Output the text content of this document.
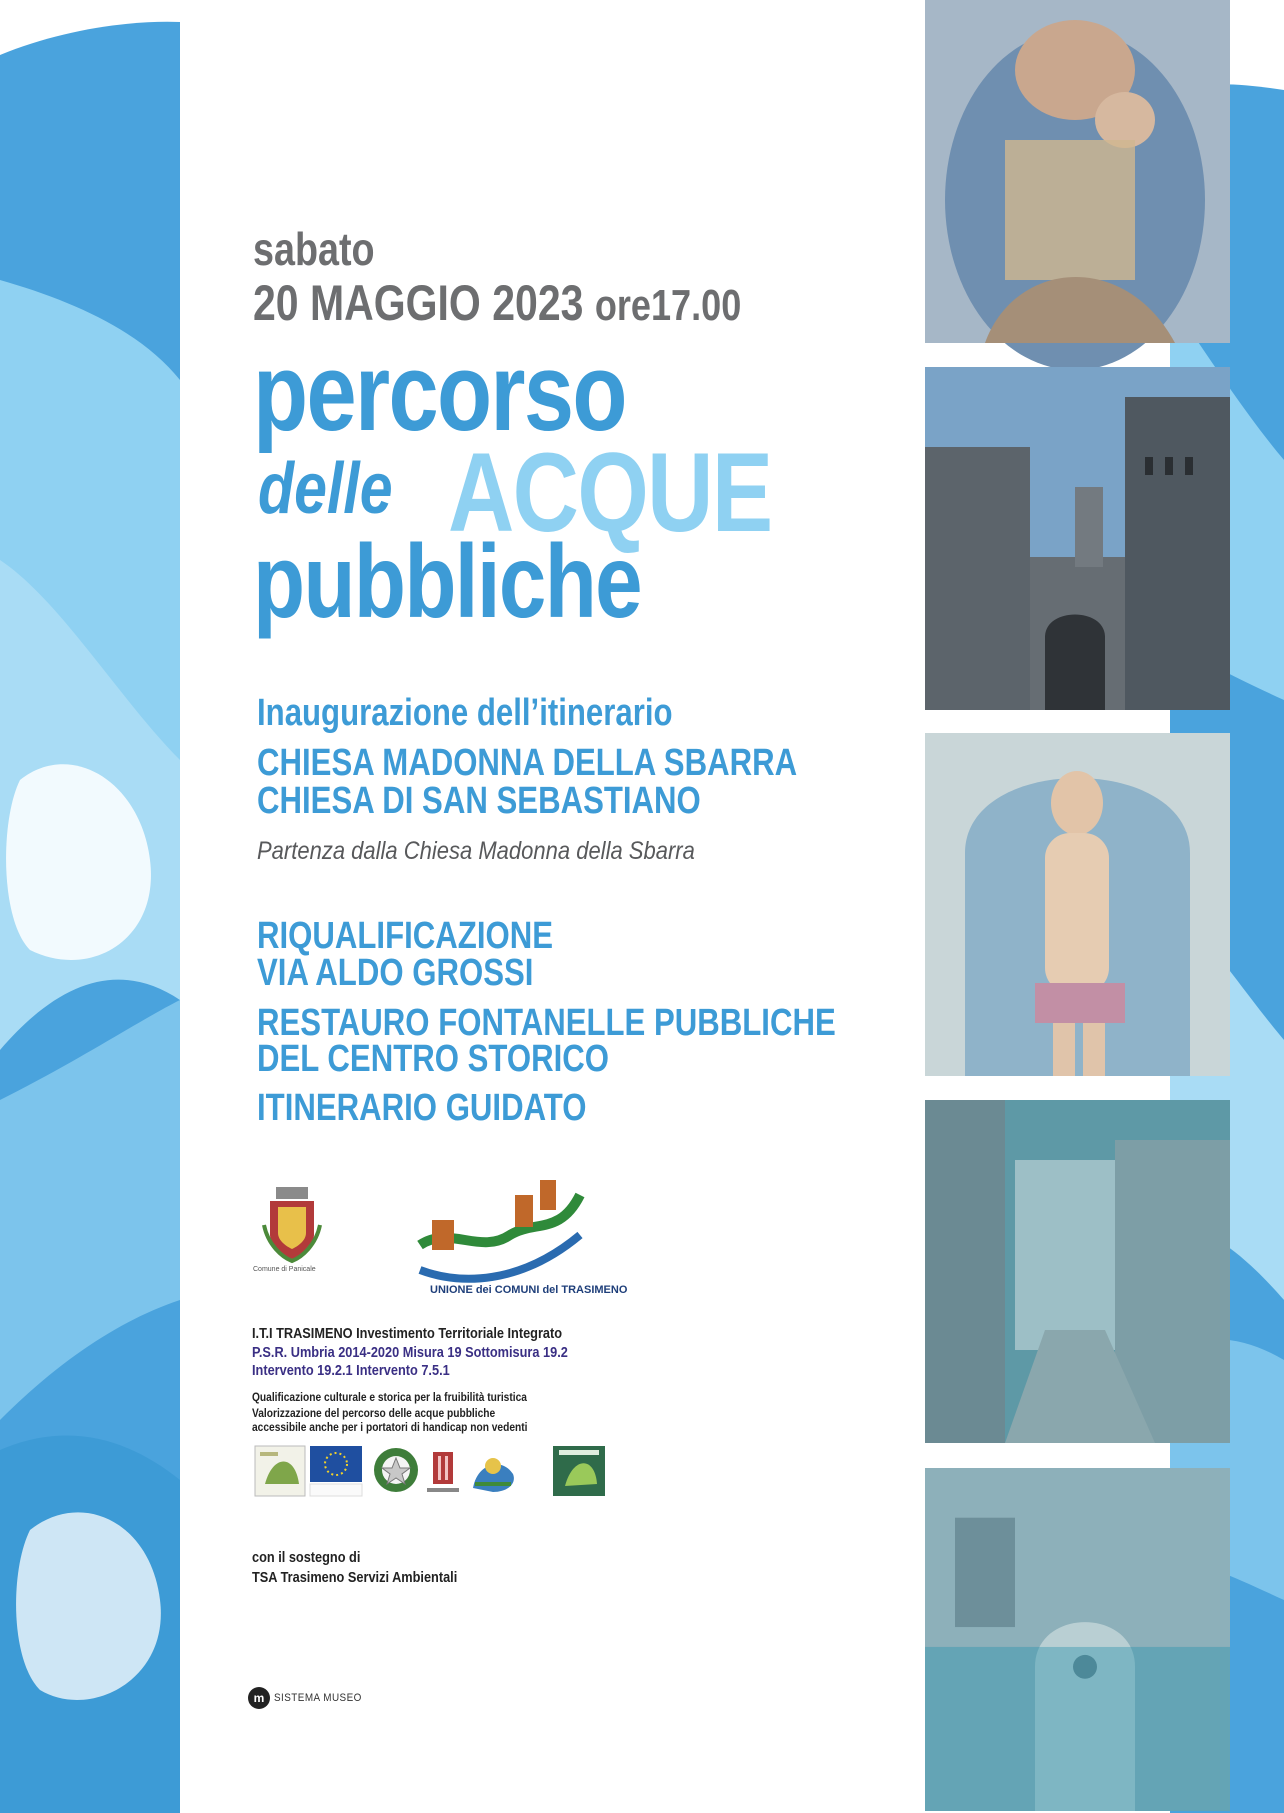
sabato
20 MAGGIO 2023 ore17.00
percorso
delle ACQUE
pubbliche
Inaugurazione dell’itinerario
CHIESA MADONNA DELLA SBARRA
CHIESA DI SAN SEBASTIANO
Partenza dalla Chiesa Madonna della Sbarra
RIQUALIFICAZIONE
VIA ALDO GROSSI
RESTAURO FONTANELLE PUBBLICHE
DEL CENTRO STORICO
ITINERARIO GUIDATO
Comune di Panicale
UNIONE dei COMUNI del TRASIMENO
I.T.I TRASIMENO Investimento Territoriale Integrato
P.S.R. Umbria 2014-2020 Misura 19 Sottomisura 19.2
Intervento 19.2.1 Intervento 7.5.1
Qualificazione culturale e storica per la fruibilità turistica
Valorizzazione del percorso delle acque pubbliche
accessibile anche per i portatori di handicap non vedenti
con il sostegno di
TSA Trasimeno Servizi Ambientali
m SISTEMA MUSEO
